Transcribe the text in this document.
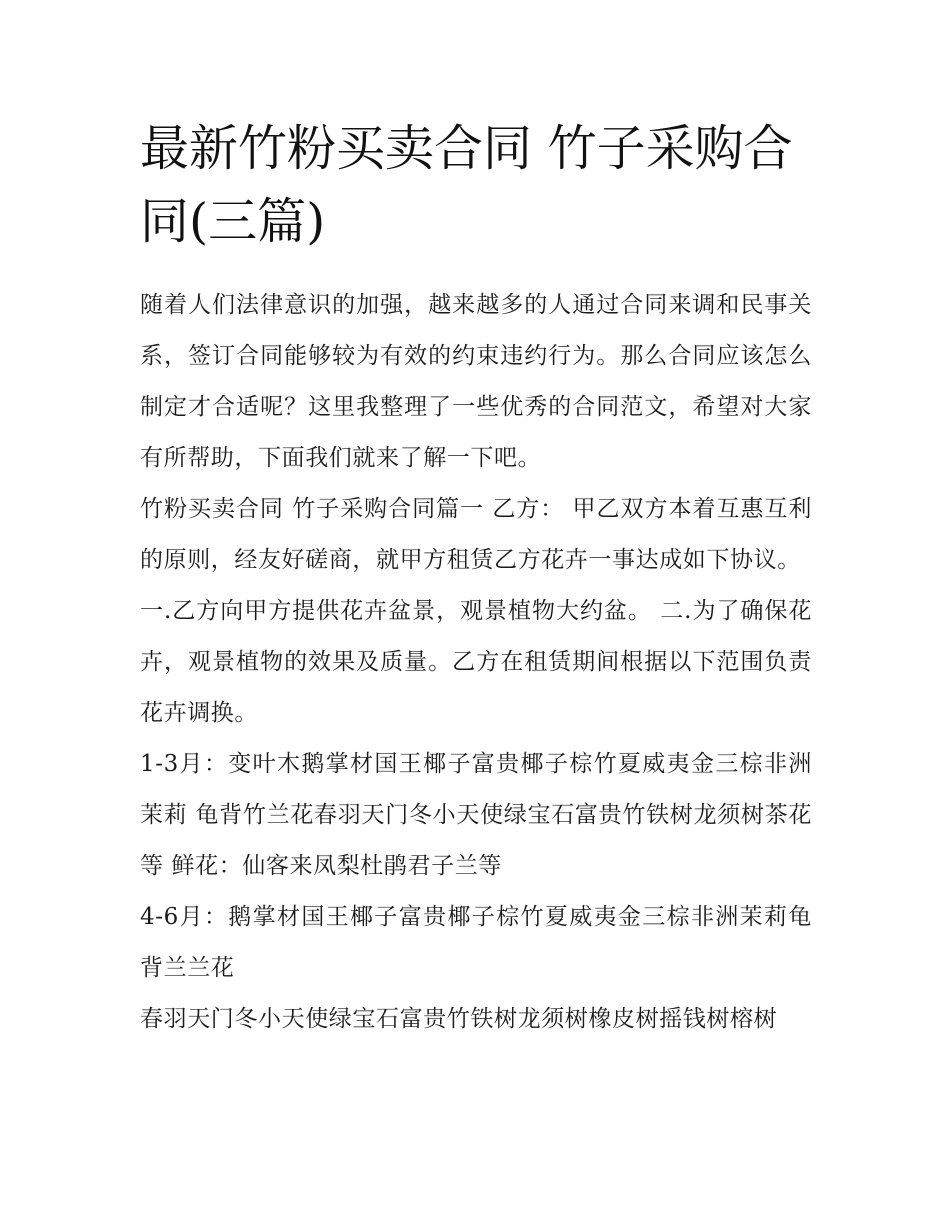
最新竹粉买卖合同 竹子采购合同(三篇)

随着人们法律意识的加强，越来越多的人通过合同来调和民事关系，签订合同能够较为有效的约束违约行为。那么合同应该怎么制定才合适呢？这里我整理了一些优秀的合同范文，希望对大家有所帮助，下面我们就来了解一下吧。

竹粉买卖合同 竹子采购合同篇一 乙方： 甲乙双方本着互惠互利的原则，经友好磋商，就甲方租赁乙方花卉一事达成如下协议。

一.乙方向甲方提供花卉盆景，观景植物大约盆。 二.为了确保花卉，观景植物的效果及质量。乙方在租赁期间根据以下范围负责花卉调换。

1-3月：变叶木鹅掌材国王椰子富贵椰子棕竹夏威夷金三棕非洲茉莉 龟背竹兰花春羽天门冬小天使绿宝石富贵竹铁树龙须树茶花等 鲜花：仙客来凤梨杜鹃君子兰等

4-6月：鹅掌材国王椰子富贵椰子棕竹夏威夷金三棕非洲茉莉龟背兰兰花

春羽天门冬小天使绿宝石富贵竹铁树龙须树橡皮树摇钱树榕树
